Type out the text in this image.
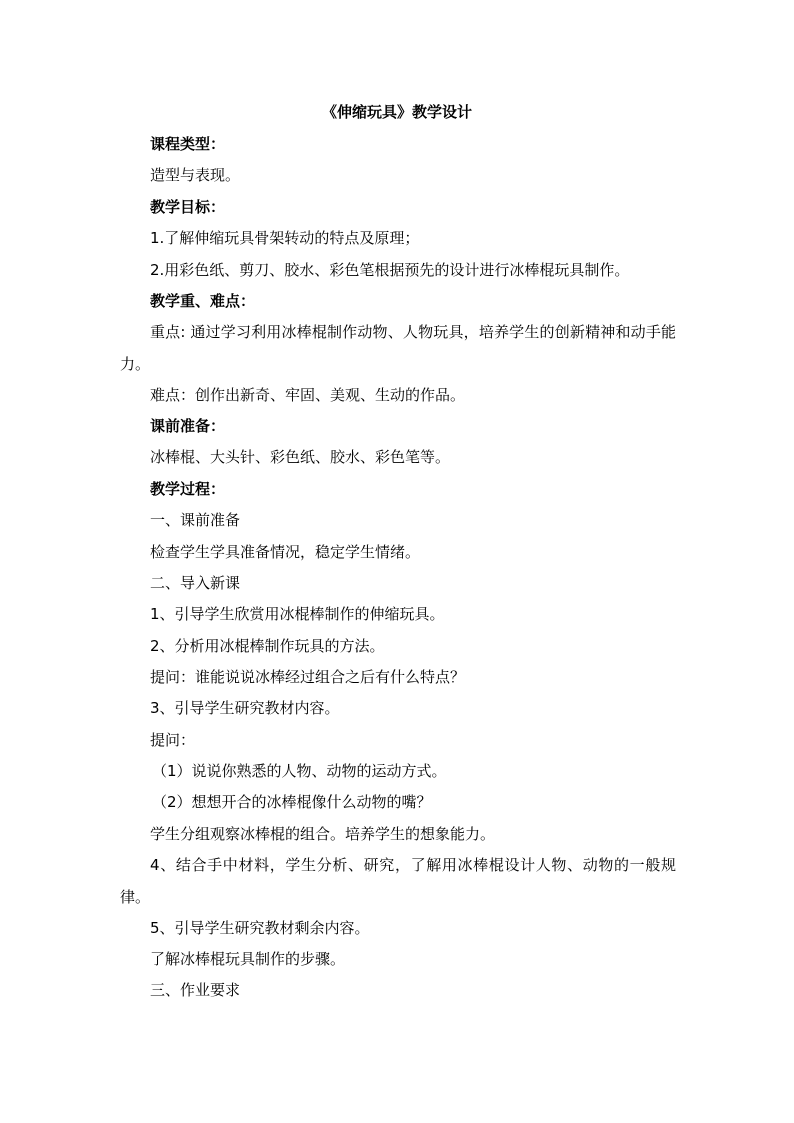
《伸缩玩具》教学设计
课程类型：
造型与表现。
教学目标：
1.了解伸缩玩具骨架转动的特点及原理；
2.用彩色纸、剪刀、胶水、彩色笔根据预先的设计进行冰棒棍玩具制作。
教学重、难点：
重点: 通过学习利用冰棒棍制作动物、人物玩具，培养学生的创新精神和动手能力。
难点：创作出新奇、牢固、美观、生动的作品。
课前准备：
冰棒棍、大头针、彩色纸、胶水、彩色笔等。
教学过程：
一、课前准备
检查学生学具准备情况，稳定学生情绪。
二、导入新课
1、引导学生欣赏用冰棍棒制作的伸缩玩具。
2、分析用冰棍棒制作玩具的方法。
提问：谁能说说冰棒经过组合之后有什么特点？
3、引导学生研究教材内容。
提问：
（1）说说你熟悉的人物、动物的运动方式。
（2）想想开合的冰棒棍像什么动物的嘴？
学生分组观察冰棒棍的组合。培养学生的想象能力。
4、结合手中材料，学生分析、研究，了解用冰棒棍设计人物、动物的一般规律。
5、引导学生研究教材剩余内容。
了解冰棒棍玩具制作的步骤。
三、作业要求
